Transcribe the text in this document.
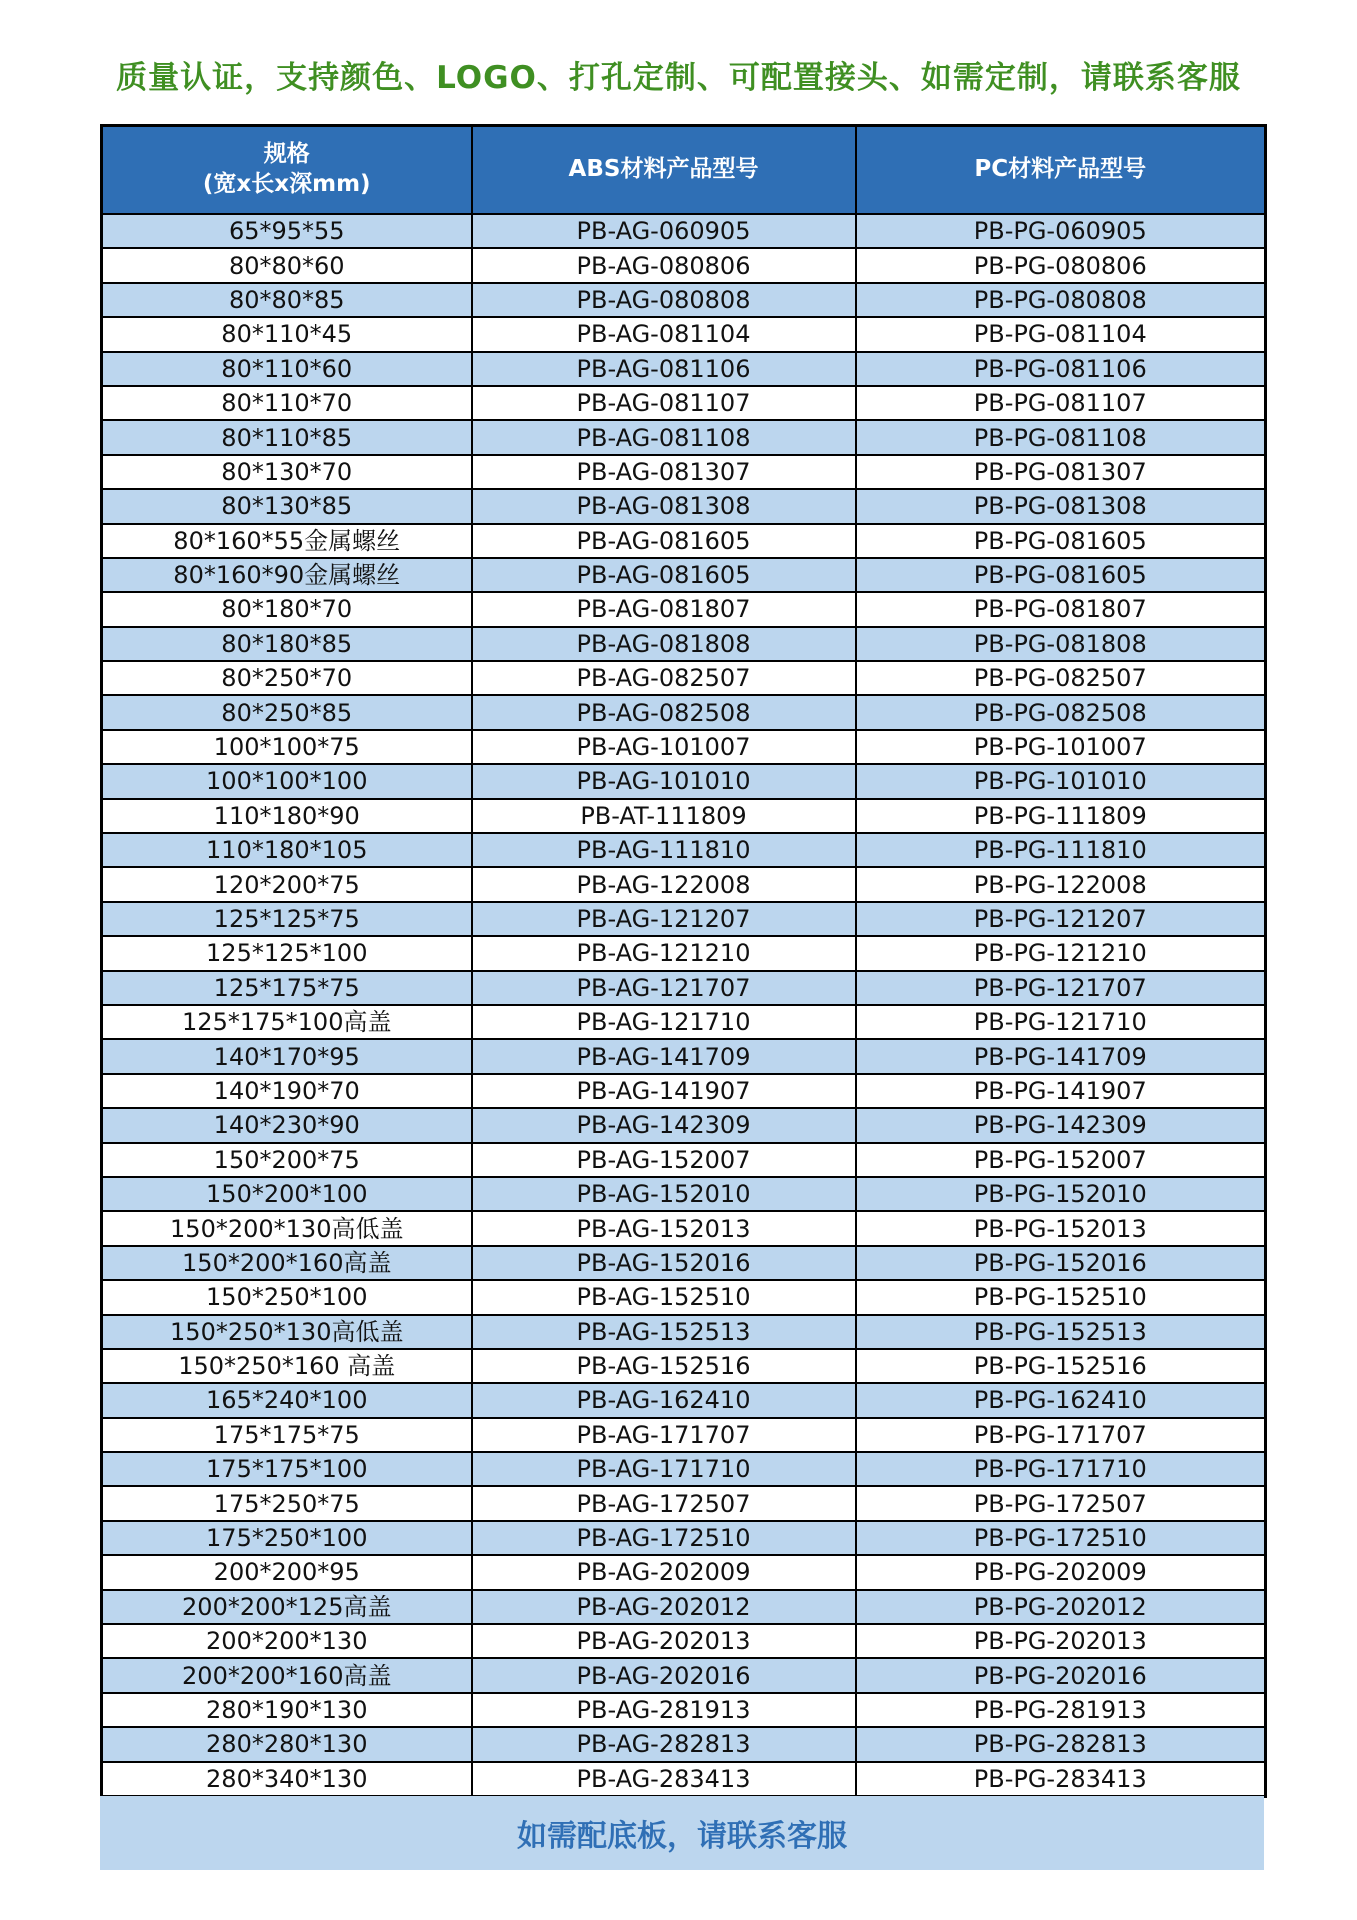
质量认证，支持颜色、LOGO、打孔定制、可配置接头、如需定制，请联系客服
规格
(宽x长x深mm)	ABS材料产品型号	PC材料产品型号
65*95*55	PB-AG-060905	PB-PG-060905
80*80*60	PB-AG-080806	PB-PG-080806
80*80*85	PB-AG-080808	PB-PG-080808
80*110*45	PB-AG-081104	PB-PG-081104
80*110*60	PB-AG-081106	PB-PG-081106
80*110*70	PB-AG-081107	PB-PG-081107
80*110*85	PB-AG-081108	PB-PG-081108
80*130*70	PB-AG-081307	PB-PG-081307
80*130*85	PB-AG-081308	PB-PG-081308
80*160*55金属螺丝	PB-AG-081605	PB-PG-081605
80*160*90金属螺丝	PB-AG-081605	PB-PG-081605
80*180*70	PB-AG-081807	PB-PG-081807
80*180*85	PB-AG-081808	PB-PG-081808
80*250*70	PB-AG-082507	PB-PG-082507
80*250*85	PB-AG-082508	PB-PG-082508
100*100*75	PB-AG-101007	PB-PG-101007
100*100*100	PB-AG-101010	PB-PG-101010
110*180*90	PB-AT-111809	PB-PG-111809
110*180*105	PB-AG-111810	PB-PG-111810
120*200*75	PB-AG-122008	PB-PG-122008
125*125*75	PB-AG-121207	PB-PG-121207
125*125*100	PB-AG-121210	PB-PG-121210
125*175*75	PB-AG-121707	PB-PG-121707
125*175*100高盖	PB-AG-121710	PB-PG-121710
140*170*95	PB-AG-141709	PB-PG-141709
140*190*70	PB-AG-141907	PB-PG-141907
140*230*90	PB-AG-142309	PB-PG-142309
150*200*75	PB-AG-152007	PB-PG-152007
150*200*100	PB-AG-152010	PB-PG-152010
150*200*130高低盖	PB-AG-152013	PB-PG-152013
150*200*160高盖	PB-AG-152016	PB-PG-152016
150*250*100	PB-AG-152510	PB-PG-152510
150*250*130高低盖	PB-AG-152513	PB-PG-152513
150*250*160 高盖	PB-AG-152516	PB-PG-152516
165*240*100	PB-AG-162410	PB-PG-162410
175*175*75	PB-AG-171707	PB-PG-171707
175*175*100	PB-AG-171710	PB-PG-171710
175*250*75	PB-AG-172507	PB-PG-172507
175*250*100	PB-AG-172510	PB-PG-172510
200*200*95	PB-AG-202009	PB-PG-202009
200*200*125高盖	PB-AG-202012	PB-PG-202012
200*200*130	PB-AG-202013	PB-PG-202013
200*200*160高盖	PB-AG-202016	PB-PG-202016
280*190*130	PB-AG-281913	PB-PG-281913
280*280*130	PB-AG-282813	PB-PG-282813
280*340*130	PB-AG-283413	PB-PG-283413
如需配底板，请联系客服
